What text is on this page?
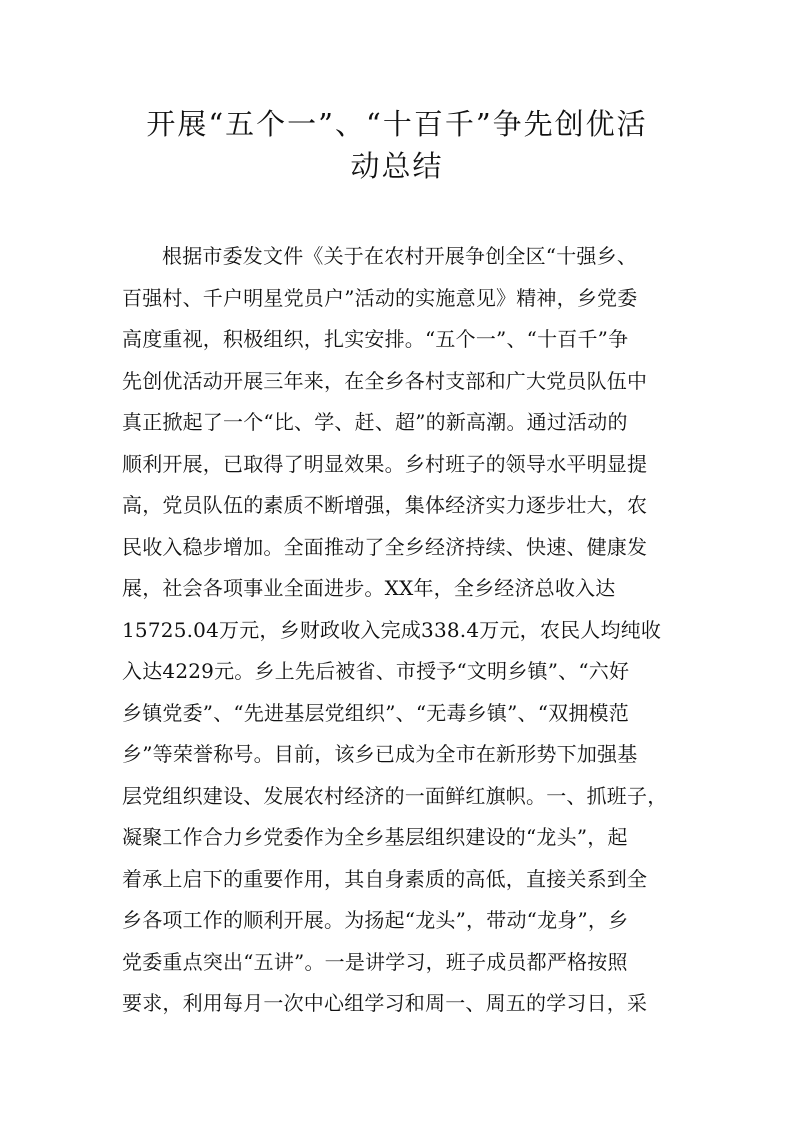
开展“五个一”、“十百千”争先创优活
动总结
根据市委发文件《关于在农村开展争创全区“十强乡、
百强村、千户明星党员户”活动的实施意见》精神，乡党委
高度重视，积极组织，扎实安排。“五个一”、“十百千”争
先创优活动开展三年来，在全乡各村支部和广大党员队伍中
真正掀起了一个“比、学、赶、超”的新高潮。通过活动的
顺利开展，已取得了明显效果。乡村班子的领导水平明显提
高，党员队伍的素质不断增强，集体经济实力逐步壮大，农
民收入稳步增加。全面推动了全乡经济持续、快速、健康发
展，社会各项事业全面进步。XX年，全乡经济总收入达
15725.04万元，乡财政收入完成338.4万元，农民人均纯收
入达4229元。乡上先后被省、市授予“文明乡镇”、“六好
乡镇党委”、“先进基层党组织”、“无毒乡镇”、“双拥模范
乡”等荣誉称号。目前，该乡已成为全市在新形势下加强基
层党组织建设、发展农村经济的一面鲜红旗帜。一、抓班子，
凝聚工作合力乡党委作为全乡基层组织建设的“龙头”，起
着承上启下的重要作用，其自身素质的高低，直接关系到全
乡各项工作的顺利开展。为扬起“龙头”，带动“龙身”，乡
党委重点突出“五讲”。一是讲学习，班子成员都严格按照
要求，利用每月一次中心组学习和周一、周五的学习日，采
